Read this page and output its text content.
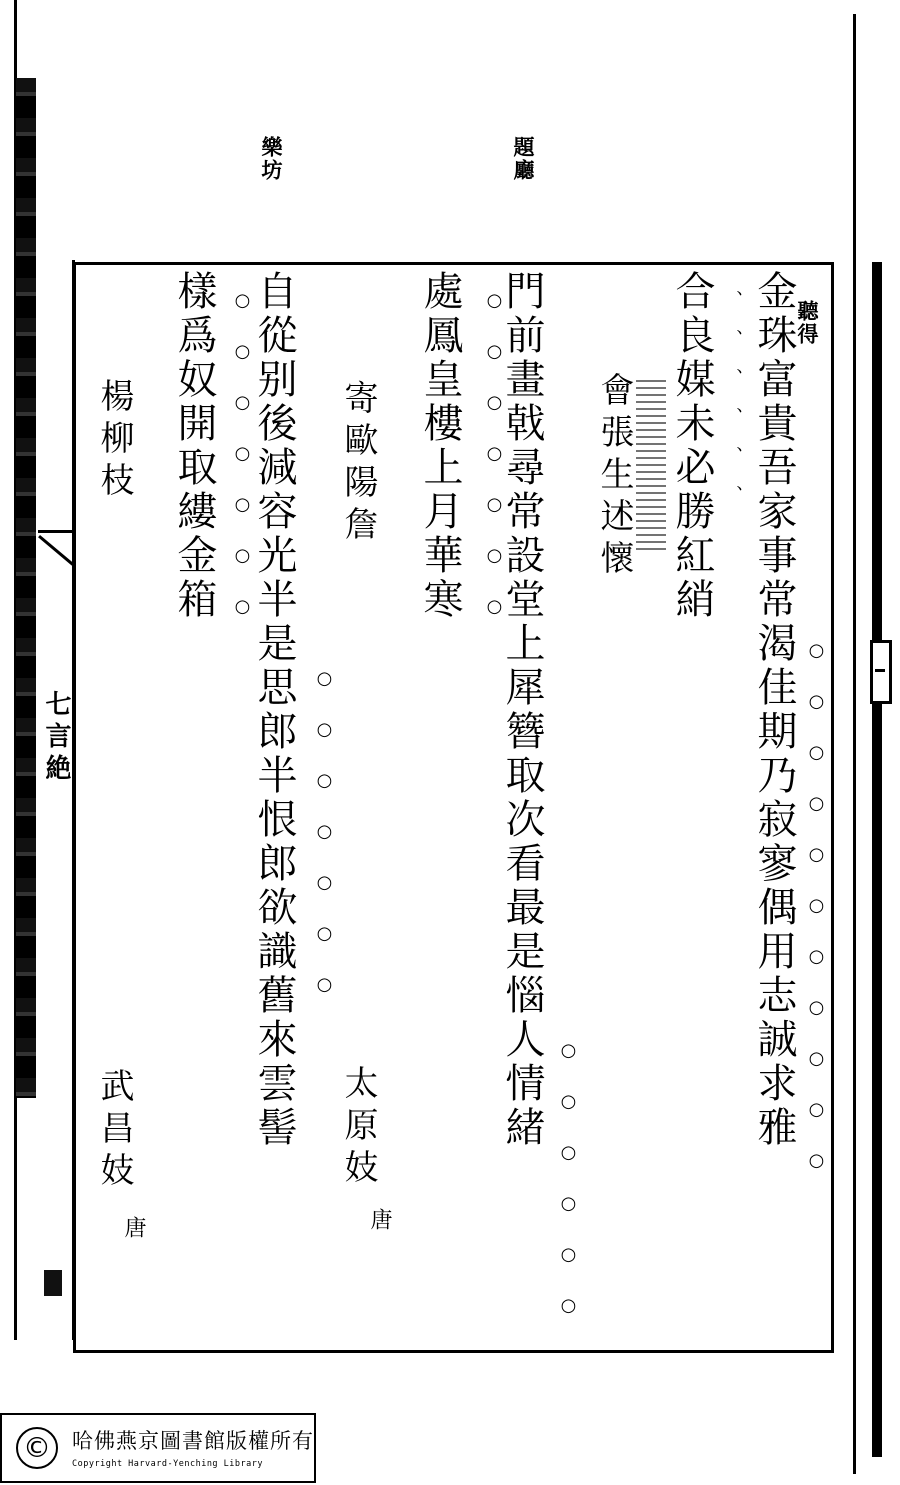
七言絶
聽得
金珠富貴吾家事常渴佳期乃寂寥偶用志誠求雅 ○○○○○○○○○○○
合良媒未必勝紅綃 、、、、、、
會張生述懷
題廳
門前畫戟尋常設堂上犀簪取次看最是惱人情緒
○○○○○○○
○○○○○○
處鳳皇樓上月華寒
寄歐陽詹
太原妓
唐
樂坊
自從别後減容光半是思郎半恨郎欲識舊來雲髻
○○○○○○○
○○○○○○○
樣爲奴開取縷金箱
楊柳枝
武昌妓
唐
©	哈佛燕京圖書館版權所有
Copyright Harvard-Yenching Library
